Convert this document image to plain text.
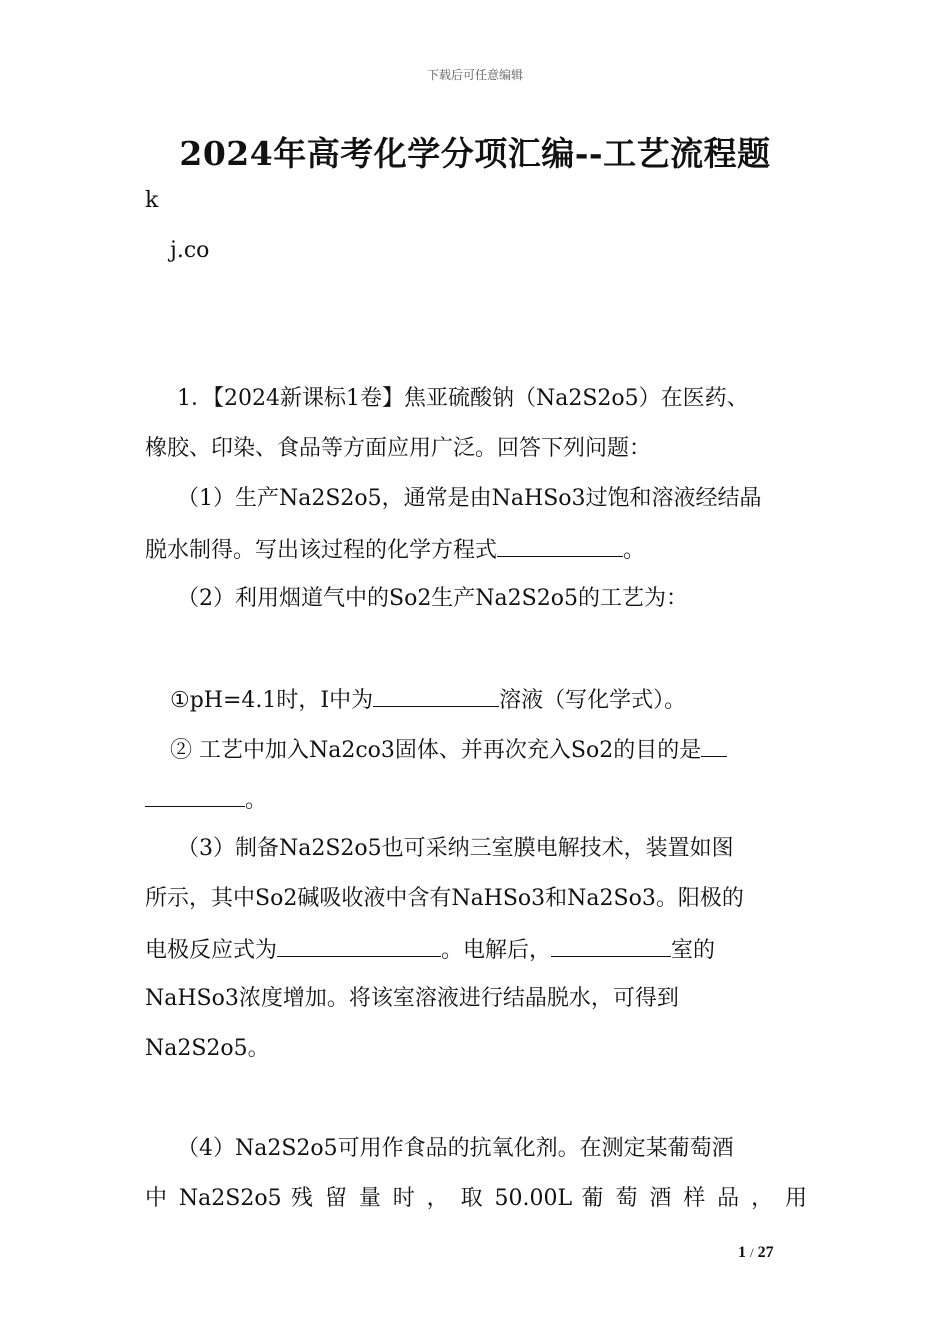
下载后可任意编辑
2024年高考化学分项汇编--工艺流程题
k
j.co
1．【2024新课标1卷】焦亚硫酸钠（Na2S2o5）在医药、
橡胶、印染、食品等方面应用广泛。回答下列问题：
（1）生产Na2S2o5，通常是由NaHSo3过饱和溶液经结晶
脱水制得。写出该过程的化学方程式	。
（2）利用烟道气中的So2生产Na2S2o5的工艺为：
①pH=4.1时，Ⅰ中为	溶液（写化学式）。
② 工艺中加入Na2co3固体、并再次充入So2的目的是
。
（3）制备Na2S2o5也可采纳三室膜电解技术，装置如图
所示，其中So2碱吸收液中含有NaHSo3和Na2So3。阳极的
电极反应式为	。电解后，	室的
NaHSo3浓度增加。将该室溶液进行结晶脱水，可得到
Na2S2o5。
（4）Na2S2o5可用作食品的抗氧化剂。在测定某葡萄酒
中 Na2S2o5 残 留 量 时 ， 取 50.00L 葡 萄 酒 样 品 ， 用
1 / 27
